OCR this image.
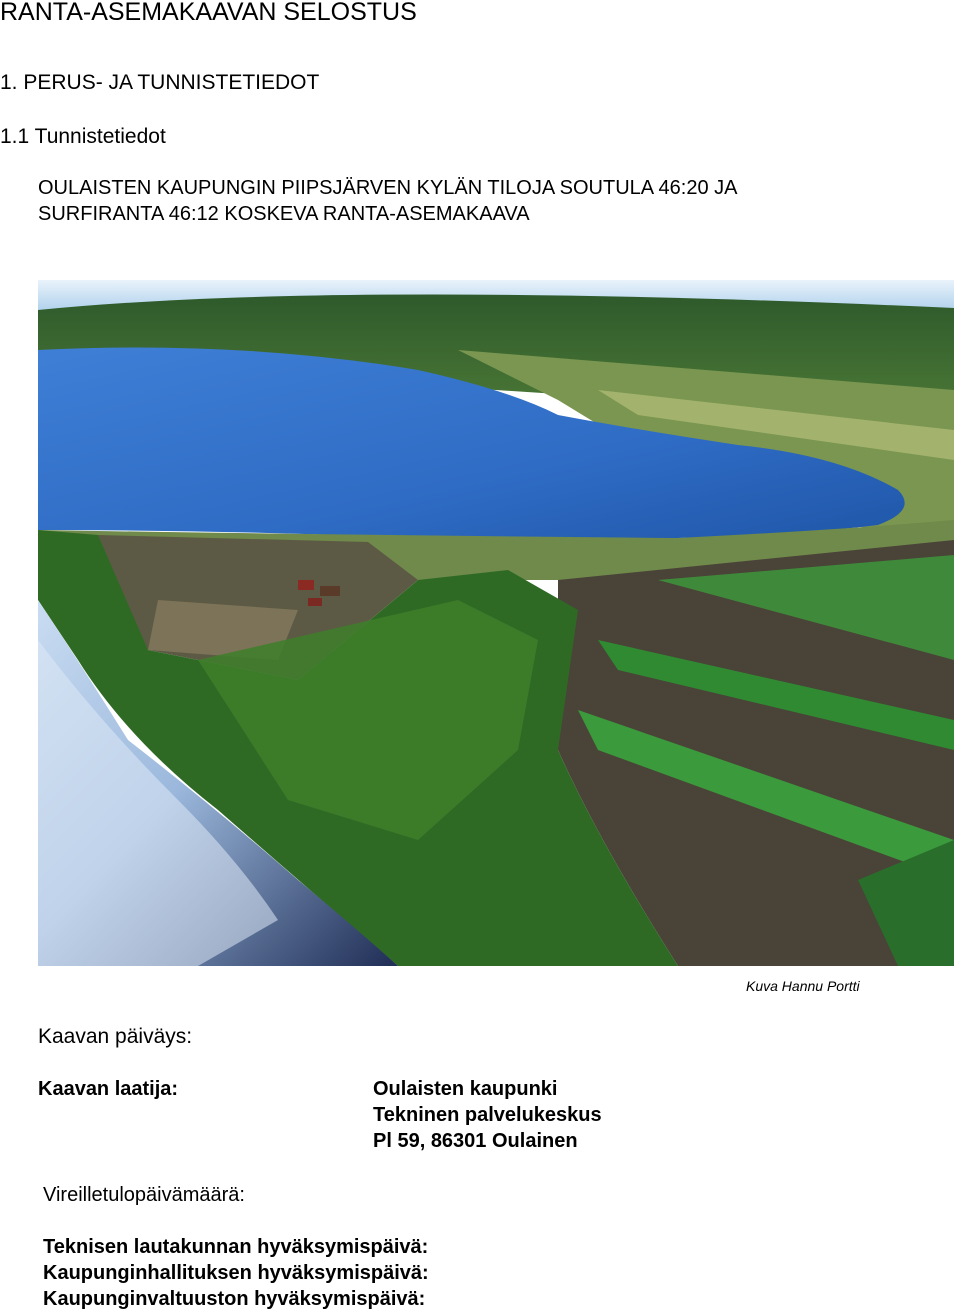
RANTA-ASEMAKAAVAN SELOSTUS
1. PERUS- JA TUNNISTETIEDOT
1.1 Tunnistetiedot
OULAISTEN KAUPUNGIN PIIPSJÄRVEN KYLÄN TILOJA SOUTULA 46:20 JA
SURFIRANTA 46:12 KOSKEVA RANTA-ASEMAKAAVA
Kuva Hannu Portti
Kaavan päiväys:
Kaavan laatija:	Oulaisten kaupunki
Tekninen palvelukeskus
Pl 59, 86301 Oulainen
Vireilletulopäivämäärä:
Teknisen lautakunnan hyväksymispäivä:
Kaupunginhallituksen hyväksymispäivä:
Kaupunginvaltuuston hyväksymispäivä:
